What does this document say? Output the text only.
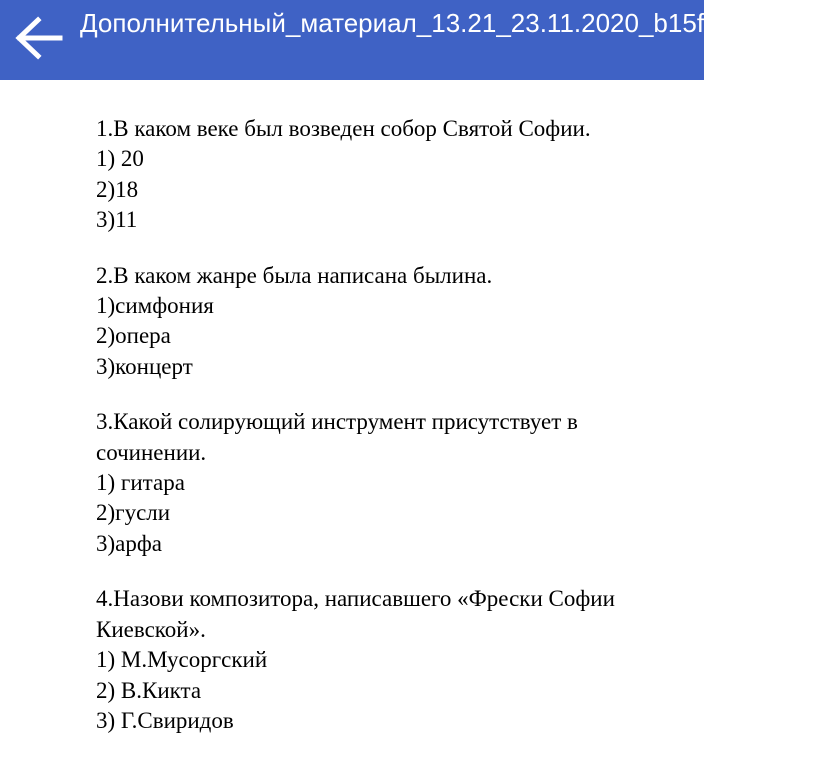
Дополнительный_материал_13.21_23.11.2020_b15fc2ef.docx
1.В каком веке был возведен собор Святой Софии.
1) 20
2)18
3)11
2.В каком жанре была написана былина.
1)симфония
2)опера
3)концерт
3.Какой солирующий инструмент присутствует в сочинении.
1) гитара
2)гусли
3)арфа
4.Назови композитора, написавшего «Фрески Софии Киевской».
1) М.Мусоргский
2) В.Кикта
3) Г.Свиридов
